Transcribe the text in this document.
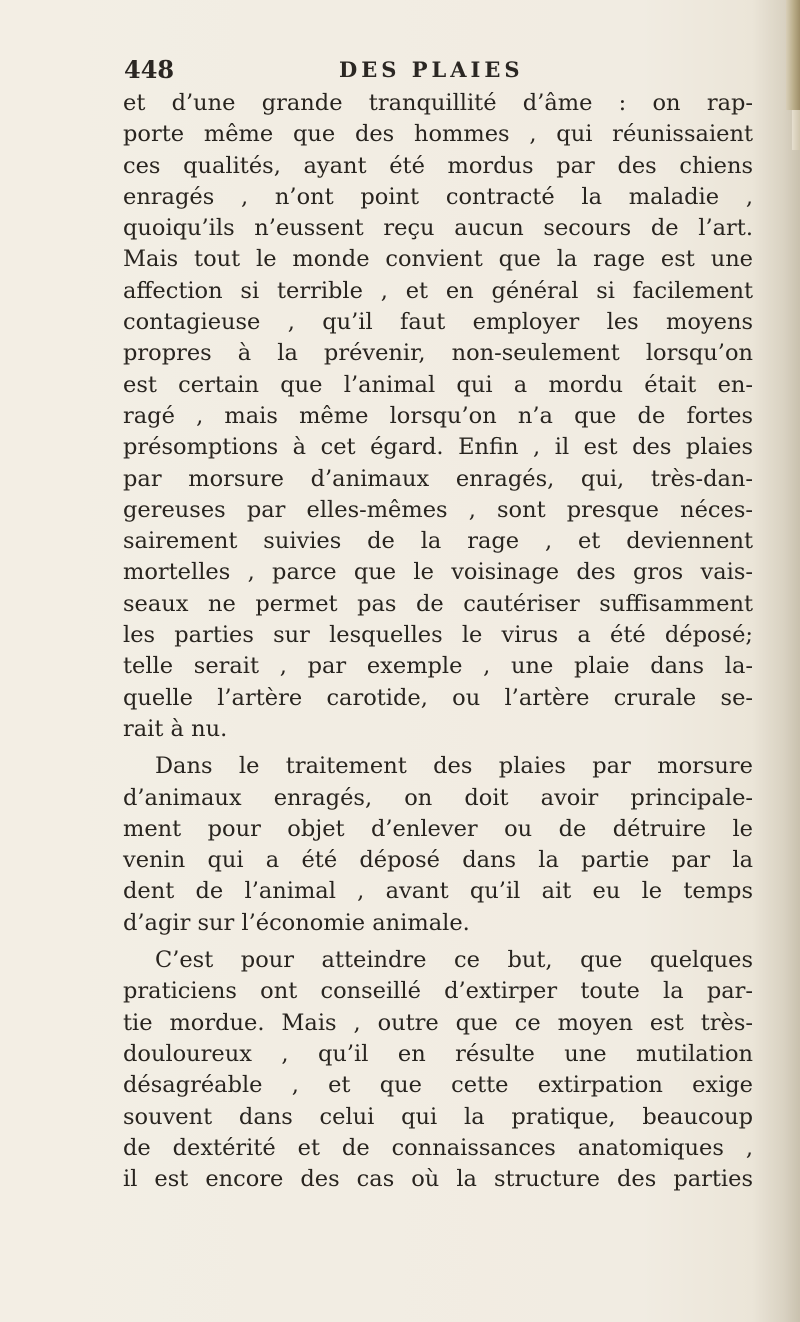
448	DES PLAIES
et d’une grande tranquillité d’âme : on rap-
porte même que des hommes , qui réunissaient
ces qualités, ayant été mordus par des chiens
enragés , n’ont point contracté la maladie ,
quoiqu’ils n’eussent reçu aucun secours de l’art.
Mais tout le monde convient que la rage est une
affection si terrible , et en général si facilement
contagieuse , qu’il faut employer les moyens
propres à la prévenir, non-seulement lorsqu’on
est certain que l’animal qui a mordu était en-
ragé , mais même lorsqu’on n’a que de fortes
présomptions à cet égard. Enfin , il est des plaies
par morsure d’animaux enragés, qui, très-dan-
gereuses par elles-mêmes , sont presque néces-
sairement suivies de la rage , et deviennent
mortelles , parce que le voisinage des gros vais-
seaux ne permet pas de cautériser suffisamment
les parties sur lesquelles le virus a été déposé;
telle serait , par exemple , une plaie dans la-
quelle l’artère carotide, ou l’artère crurale se-
rait à nu.
Dans le traitement des plaies par morsure
d’animaux enragés, on doit avoir principale-
ment pour objet d’enlever ou de détruire le
venin qui a été déposé dans la partie par la
dent de l’animal , avant qu’il ait eu le temps
d’agir sur l’économie animale.
C’est pour atteindre ce but, que quelques
praticiens ont conseillé d’extirper toute la par-
tie mordue. Mais , outre que ce moyen est très-
douloureux , qu’il en résulte une mutilation
désagréable , et que cette extirpation exige
souvent dans celui qui la pratique, beaucoup
de dextérité et de connaissances anatomiques ,
il est encore des cas où la structure des parties
